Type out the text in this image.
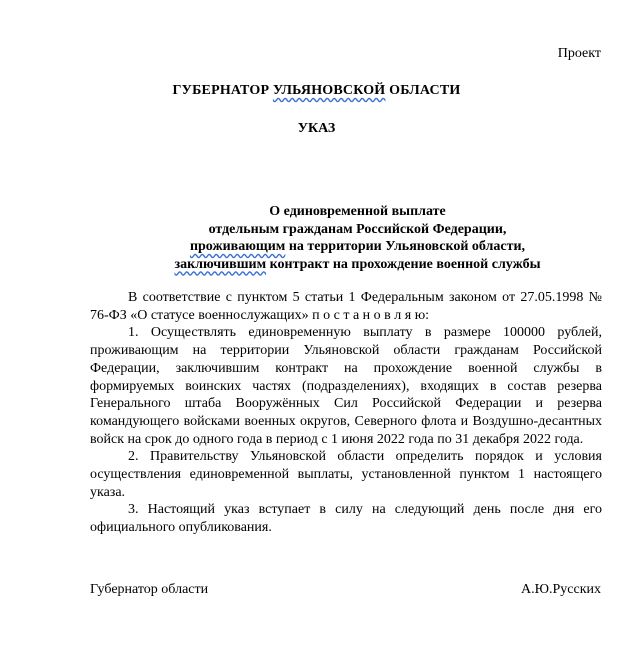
Проект
ГУБЕРНАТОР УЛЬЯНОВСКОЙ ОБЛАСТИ
УКАЗ
О единовременной выплате
отдельным гражданам Российской Федерации,
проживающим на территории Ульяновской области,
заключившим контракт на прохождение военной службы

В соответствие с пунктом 5 статьи 1 Федеральным законом от 27.05.1998 № 76-ФЗ «О статусе военнослужащих» п о с т а н о в л я ю:

1. Осуществлять единовременную выплату в размере 100000 рублей, проживающим на территории Ульяновской области гражданам Российской Федерации, заключившим контракт на прохождение военной службы в формируемых воинских частях (подразделениях), входящих в состав резерва Генерального штаба Вооружённых Сил Российской Федерации и резерва командующего войсками военных округов, Северного флота и Воздушно-десантных войск на срок до одного года в период с 1 июня 2022 года по 31 декабря 2022 года.

2. Правительству Ульяновской области определить порядок и условия осуществления единовременной выплаты, установленной пунктом 1 настоящего указа.

3. Настоящий указ вступает в силу на следующий день после дня его официального опубликования.

Губернатор области	А.Ю.Русских
